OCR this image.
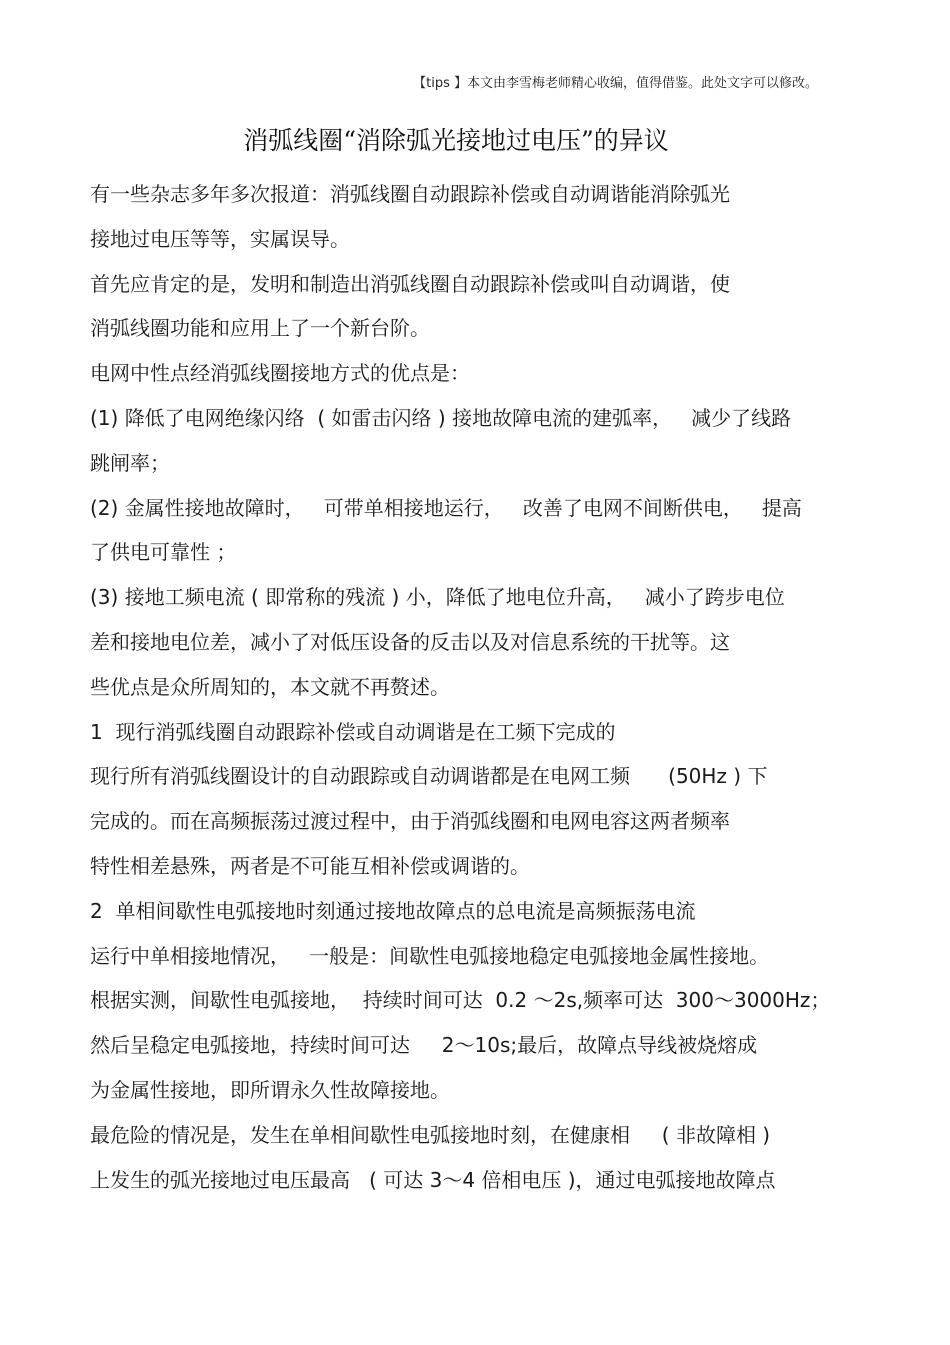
【tips 】本文由李雪梅老师精心收编，值得借鉴。此处文字可以修改。
消弧线圈“消除弧光接地过电压”的异议
有一些杂志多年多次报道：消弧线圈自动跟踪补偿或自动调谐能消除弧光
接地过电压等等，实属误导。
首先应肯定的是，发明和制造出消弧线圈自动跟踪补偿或叫自动调谐，使
消弧线圈功能和应用上了一个新台阶。
电网中性点经消弧线圈接地方式的优点是：
(1) 降低了电网绝缘闪络  ( 如雷击闪络 ) 接地故障电流的建弧率，   减少了线路
跳闸率；
(2) 金属性接地故障时，   可带单相接地运行，   改善了电网不间断供电，   提高
了供电可靠性 ；
(3) 接地工频电流 ( 即常称的残流 ) 小，降低了地电位升高，   减小了跨步电位
差和接地电位差，减小了对低压设备的反击以及对信息系统的干扰等。这
些优点是众所周知的，本文就不再赘述。
1  现行消弧线圈自动跟踪补偿或自动调谐是在工频下完成的
现行所有消弧线圈设计的自动跟踪或自动调谐都是在电网工频      (50Hz ) 下
完成的。而在高频振荡过渡过程中，由于消弧线圈和电网电容这两者频率
特性相差悬殊，两者是不可能互相补偿或调谐的。
2  单相间歇性电弧接地时刻通过接地故障点的总电流是高频振荡电流
运行中单相接地情况，   一般是：间歇性电弧接地稳定电弧接地金属性接地。
根据实测，间歇性电弧接地，  持续时间可达  0.2 ～2s,频率可达  300～3000Hz；
然后呈稳定电弧接地，持续时间可达     2～10s;最后，故障点导线被烧熔成
为金属性接地，即所谓永久性故障接地。
最危险的情况是，发生在单相间歇性电弧接地时刻，在健康相     ( 非故障相 )
上发生的弧光接地过电压最高   ( 可达 3～4 倍相电压 )，通过电弧接地故障点
